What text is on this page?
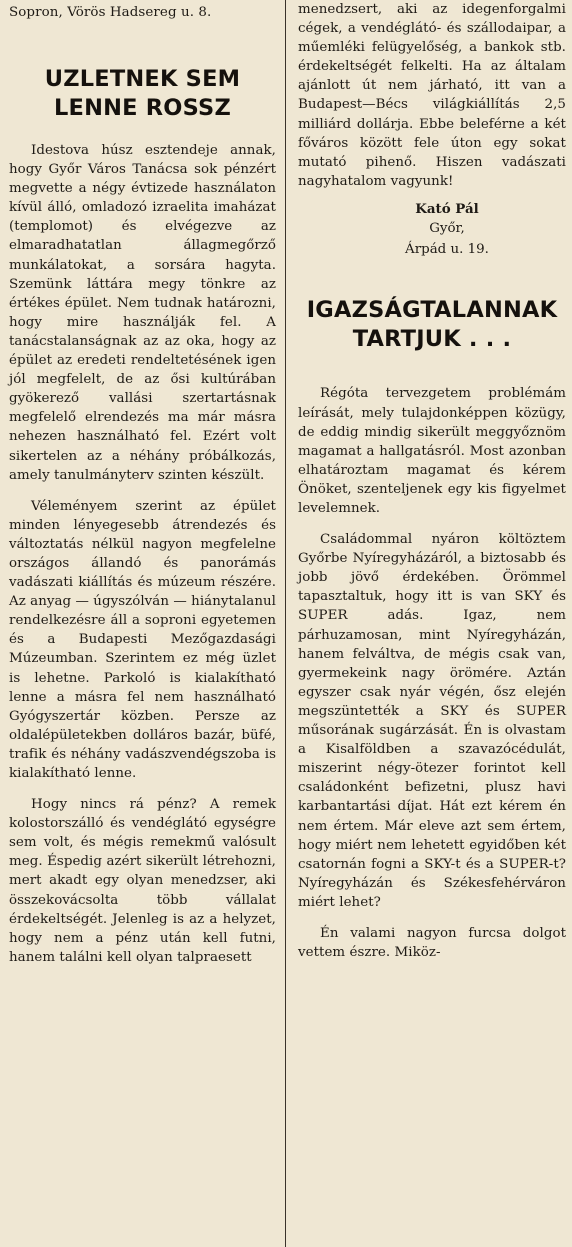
Sopron, Vörös Hadsereg u. 8.
UZLETNEK SEM
LENNE ROSSZ

Idestova húsz esztendeje annak, hogy Győr Város Tanácsa sok pénzért megvette a négy évtizede használaton kívül álló, omladozó izraelita imaházat (templomot) és elvégezve az elmaradhatatlan állagmegőrző munkálatokat, a sorsára hagyta. Szemünk láttára megy tönkre az értékes épület. Nem tudnak határozni, hogy mire használják fel. A tanácstalanságnak az az oka, hogy az épület az eredeti rendeltetésének igen jól megfelelt, de az ősi kultúrában gyökerező vallási szertartásnak megfelelő elrendezés ma már másra nehezen használható fel. Ezért volt sikertelen az a néhány próbálkozás, amely tanulmányterv szinten készült.

Véleményem szerint az épület minden lényegesebb átrendezés és változtatás nélkül nagyon megfelelne országos állandó és panorámás vadászati kiállítás és múzeum részére. Az anyag — úgyszólván — hiánytalanul rendelkezésre áll a soproni egyetemen és a Budapesti Mezőgazdasági Múzeumban. Szerintem ez még üzlet is lehetne. Parkoló is kialakítható lenne a másra fel nem használható Gyógyszertár közben. Persze az oldalépületekben dolláros bazár, büfé, trafik és néhány vadászvendégszoba is kialakítható lenne.

Hogy nincs rá pénz? A remek kolostorszálló és vendéglátó egységre sem volt, és mégis remekmű valósult meg. Éspedig azért sikerült létrehozni, mert akadt egy olyan menedzser, aki összekovácsolta több vállalat érdekeltségét. Jelenleg is az a helyzet, hogy nem a pénz után kell futni, hanem találni kell olyan talpraesett

menedzsert, aki az idegenforgalmi cégek, a vendéglátó- és szállodaipar, a műemléki felügyelőség, a bankok stb. érdekeltségét felkelti. Ha az általam ajánlott út nem járható, itt van a Budapest—Bécs világkiállítás 2,5 milliárd dollárja. Ebbe beleférne a két főváros között fele úton egy sokat mutató pihenő. Hiszen vadászati nagyhatalom vagyunk!

Kató Pál
Győr,
Árpád u. 19.
IGAZSÁGTALANNAK
TARTJUK . . .

Régóta tervezgetem problémám leírását, mely tulajdonképpen közügy, de eddig mindig sikerült meggyőznöm magamat a hallgatásról. Most azonban elhatároztam magamat és kérem Önöket, szenteljenek egy kis figyelmet levelemnek.

Családommal nyáron költöztem Győrbe Nyíregyházáról, a biztosabb és jobb jövő érdekében. Örömmel tapasztaltuk, hogy itt is van SKY és SUPER adás. Igaz, nem párhuzamosan, mint Nyíregyházán, hanem felváltva, de mégis csak van, gyermekeink nagy örömére. Aztán egyszer csak nyár végén, ősz elején megszüntették a SKY és SUPER műsorának sugárzását. Én is olvastam a Kisalföldben a szavazócédulát, miszerint négy-ötezer forintot kell családonként befizetni, plusz havi karbantartási díjat. Hát ezt kérem én nem értem. Már eleve azt sem értem, hogy miért nem lehetett egyidőben két csatornán fogni a SKY-t és a SUPER-t? Nyíregyházán és Székesfehérváron miért lehet?

Én valami nagyon furcsa dolgot vettem észre. Miköz-
